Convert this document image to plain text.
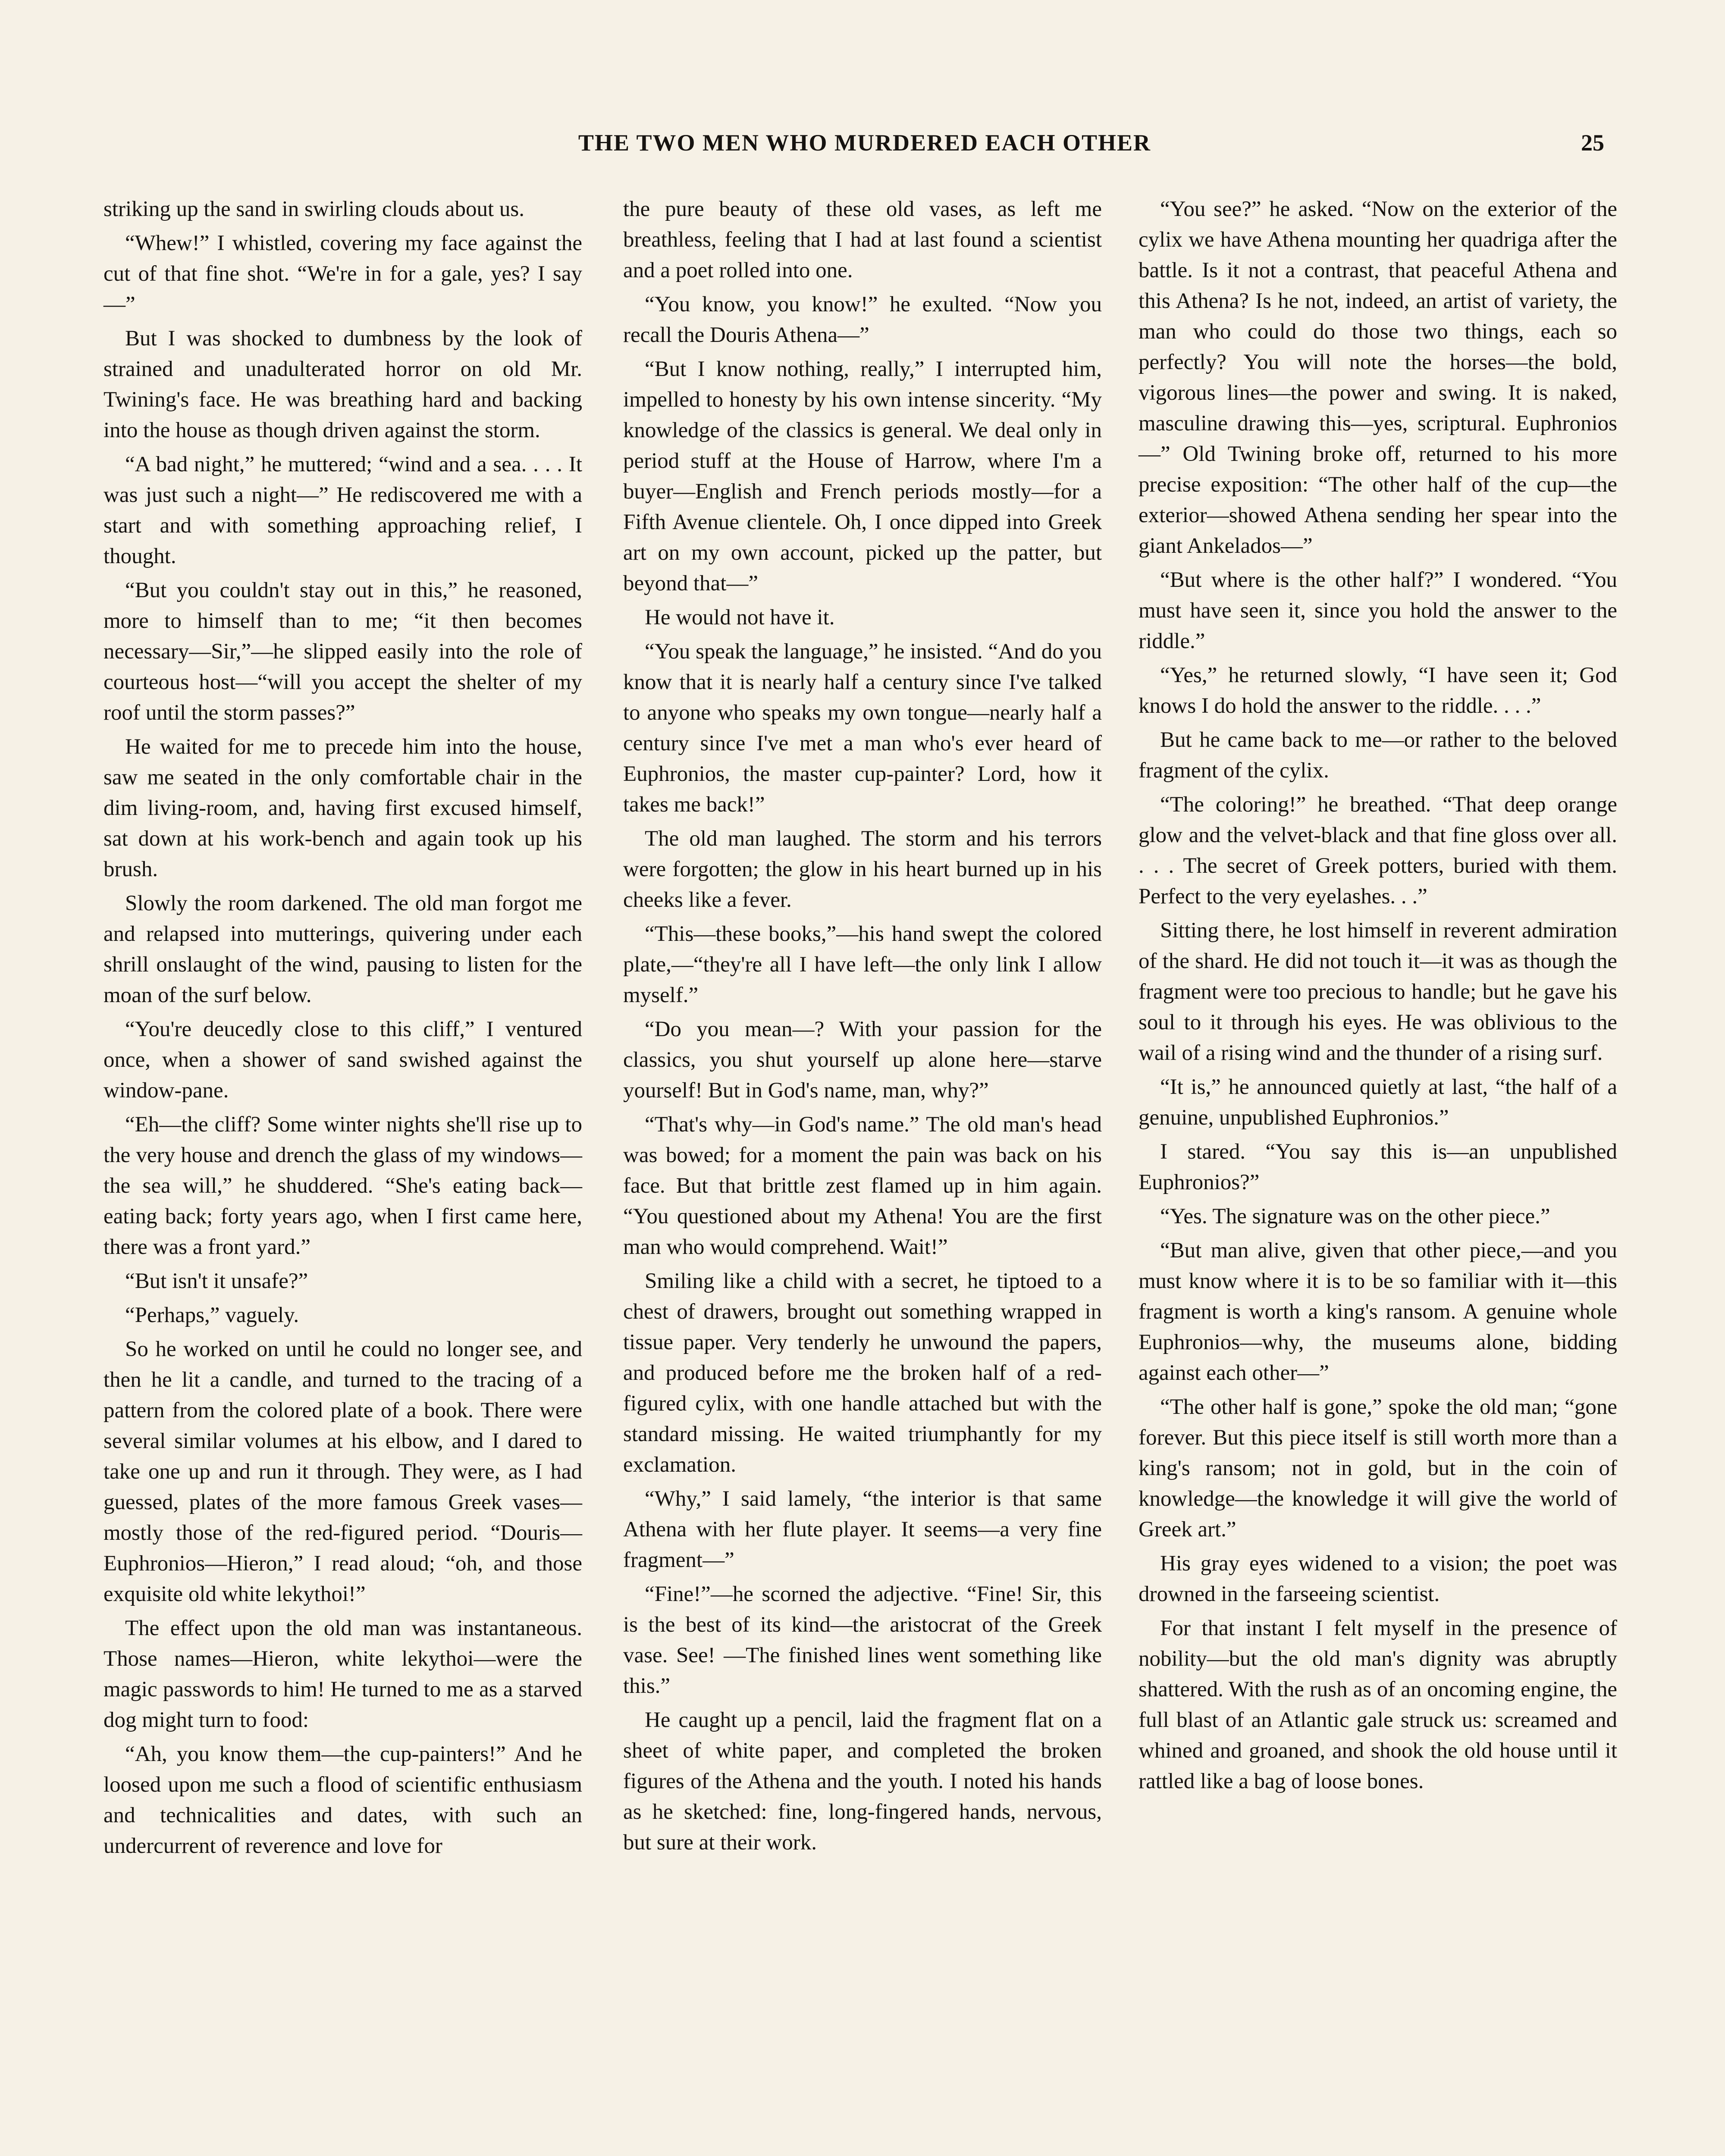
THE TWO MEN WHO MURDERED EACH OTHER	25

striking up the sand in swirling clouds about us.

“Whew!” I whistled, covering my face against the cut of that fine shot. “We're in for a gale, yes? I say—”

But I was shocked to dumbness by the look of strained and unadulterated horror on old Mr. Twining's face. He was breathing hard and backing into the house as though driven against the storm.

“A bad night,” he muttered; “wind and a sea. . . . It was just such a night—” He rediscovered me with a start and with something approaching relief, I thought.

“But you couldn't stay out in this,” he reasoned, more to himself than to me; “it then becomes necessary—Sir,”—he slipped easily into the role of courteous host—“will you accept the shelter of my roof until the storm passes?”

He waited for me to precede him into the house, saw me seated in the only comfortable chair in the dim living-room, and, having first excused himself, sat down at his work-bench and again took up his brush.

Slowly the room darkened. The old man forgot me and relapsed into mutterings, quivering under each shrill onslaught of the wind, pausing to listen for the moan of the surf below.

“You're deucedly close to this cliff,” I ventured once, when a shower of sand swished against the window-pane.

“Eh—the cliff? Some winter nights she'll rise up to the very house and drench the glass of my windows—the sea will,” he shuddered. “She's eating back—eating back; forty years ago, when I first came here, there was a front yard.”

“But isn't it unsafe?”

“Perhaps,” vaguely.

So he worked on until he could no longer see, and then he lit a candle, and turned to the tracing of a pattern from the colored plate of a book. There were several similar volumes at his elbow, and I dared to take one up and run it through. They were, as I had guessed, plates of the more famous Greek vases—mostly those of the red-figured period. “Douris—Euphronios—Hieron,” I read aloud; “oh, and those exquisite old white lekythoi!”

The effect upon the old man was instantaneous. Those names—Hieron, white lekythoi—were the magic passwords to him! He turned to me as a starved dog might turn to food:

“Ah, you know them—the cup-painters!” And he loosed upon me such a flood of scientific enthusiasm and technicalities and dates, with such an undercurrent of reverence and love for

the pure beauty of these old vases, as left me breathless, feeling that I had at last found a scientist and a poet rolled into one.

“You know, you know!” he exulted. “Now you recall the Douris Athena—”

“But I know nothing, really,” I interrupted him, impelled to honesty by his own intense sincerity. “My knowledge of the classics is general. We deal only in period stuff at the House of Harrow, where I'm a buyer—English and French periods mostly—for a Fifth Avenue clientele. Oh, I once dipped into Greek art on my own account, picked up the patter, but beyond that—”

He would not have it.

“You speak the language,” he insisted. “And do you know that it is nearly half a century since I've talked to anyone who speaks my own tongue—nearly half a century since I've met a man who's ever heard of Euphronios, the master cup-painter? Lord, how it takes me back!”

The old man laughed. The storm and his terrors were forgotten; the glow in his heart burned up in his cheeks like a fever.

“This—these books,”—his hand swept the colored plate,—“they're all I have left—the only link I allow myself.”

“Do you mean—? With your passion for the classics, you shut yourself up alone here—starve yourself! But in God's name, man, why?”

“That's why—in God's name.” The old man's head was bowed; for a moment the pain was back on his face. But that brittle zest flamed up in him again. “You questioned about my Athena! You are the first man who would comprehend. Wait!”

Smiling like a child with a secret, he tiptoed to a chest of drawers, brought out something wrapped in tissue paper. Very tenderly he unwound the papers, and produced before me the broken half of a red-figured cylix, with one handle attached but with the standard missing. He waited triumphantly for my exclamation.

“Why,” I said lamely, “the interior is that same Athena with her flute player. It seems—a very fine fragment—”

“Fine!”—he scorned the adjective. “Fine! Sir, this is the best of its kind—the aristocrat of the Greek vase. See! —The finished lines went something like this.”

He caught up a pencil, laid the fragment flat on a sheet of white paper, and completed the broken figures of the Athena and the youth. I noted his hands as he sketched: fine, long-fingered hands, nervous, but sure at their work.

“You see?” he asked. “Now on the exterior of the cylix we have Athena mounting her quadriga after the battle. Is it not a contrast, that peaceful Athena and this Athena? Is he not, indeed, an artist of variety, the man who could do those two things, each so perfectly? You will note the horses—the bold, vigorous lines—the power and swing. It is naked, masculine drawing this—yes, scriptural. Euphronios—” Old Twining broke off, returned to his more precise exposition: “The other half of the cup—the exterior—showed Athena sending her spear into the giant Ankelados—”

“But where is the other half?” I wondered. “You must have seen it, since you hold the answer to the riddle.”

“Yes,” he returned slowly, “I have seen it; God knows I do hold the answer to the riddle. . . .”

But he came back to me—or rather to the beloved fragment of the cylix.

“The coloring!” he breathed. “That deep orange glow and the velvet-black and that fine gloss over all. . . . The secret of Greek potters, buried with them. Perfect to the very eyelashes. . .”

Sitting there, he lost himself in reverent admiration of the shard. He did not touch it—it was as though the fragment were too precious to handle; but he gave his soul to it through his eyes. He was oblivious to the wail of a rising wind and the thunder of a rising surf.

“It is,” he announced quietly at last, “the half of a genuine, unpublished Euphronios.”

I stared. “You say this is—an unpublished Euphronios?”

“Yes. The signature was on the other piece.”

“But man alive, given that other piece,—and you must know where it is to be so familiar with it—this fragment is worth a king's ransom. A genuine whole Euphronios—why, the museums alone, bidding against each other—”

“The other half is gone,” spoke the old man; “gone forever. But this piece itself is still worth more than a king's ransom; not in gold, but in the coin of knowledge—the knowledge it will give the world of Greek art.”

His gray eyes widened to a vision; the poet was drowned in the farseeing scientist.

For that instant I felt myself in the presence of nobility—but the old man's dignity was abruptly shattered. With the rush as of an oncoming engine, the full blast of an Atlantic gale struck us: screamed and whined and groaned, and shook the old house until it rattled like a bag of loose bones.
